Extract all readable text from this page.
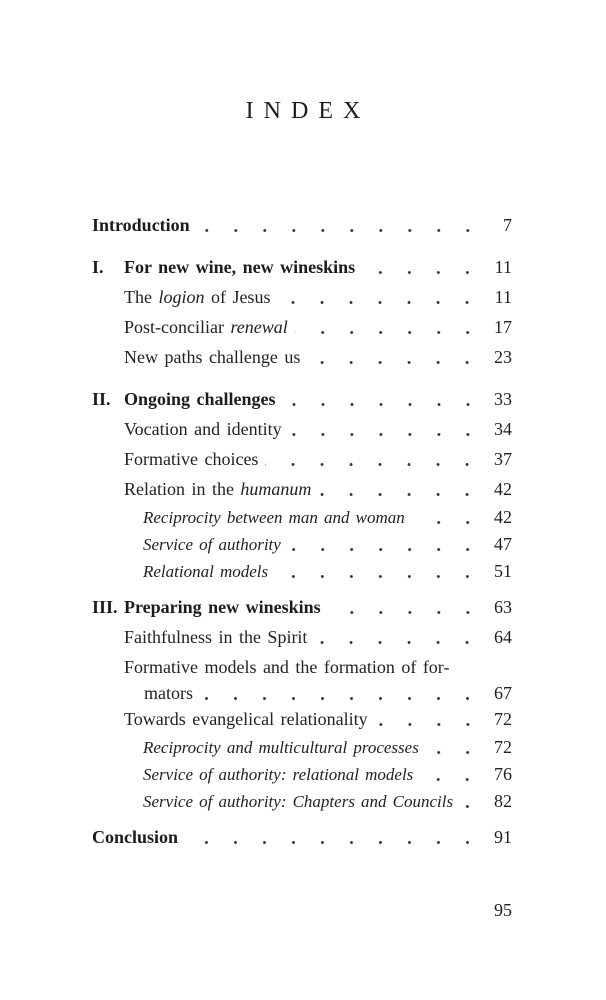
INDEX
Introduction	7
I.	For new wine, new wineskins	11
The logion of Jesus	11
Post-conciliar renewal	17
New paths challenge us	23
II. Ongoing challenges	33
Vocation and identity	34
Formative choices	37
Relation in the humanum	42
Reciprocity between man and woman	42
Service of authority	47
Relational models	51
III. Preparing new wineskins	63
Faithfulness in the Spirit	64
Formative models and the formation of for-
mators	67
Towards evangelical relationality	72
Reciprocity and multicultural processes	72
Service of authority: relational models	76
Service of authority: Chapters and Councils	82
Conclusion	91
95
